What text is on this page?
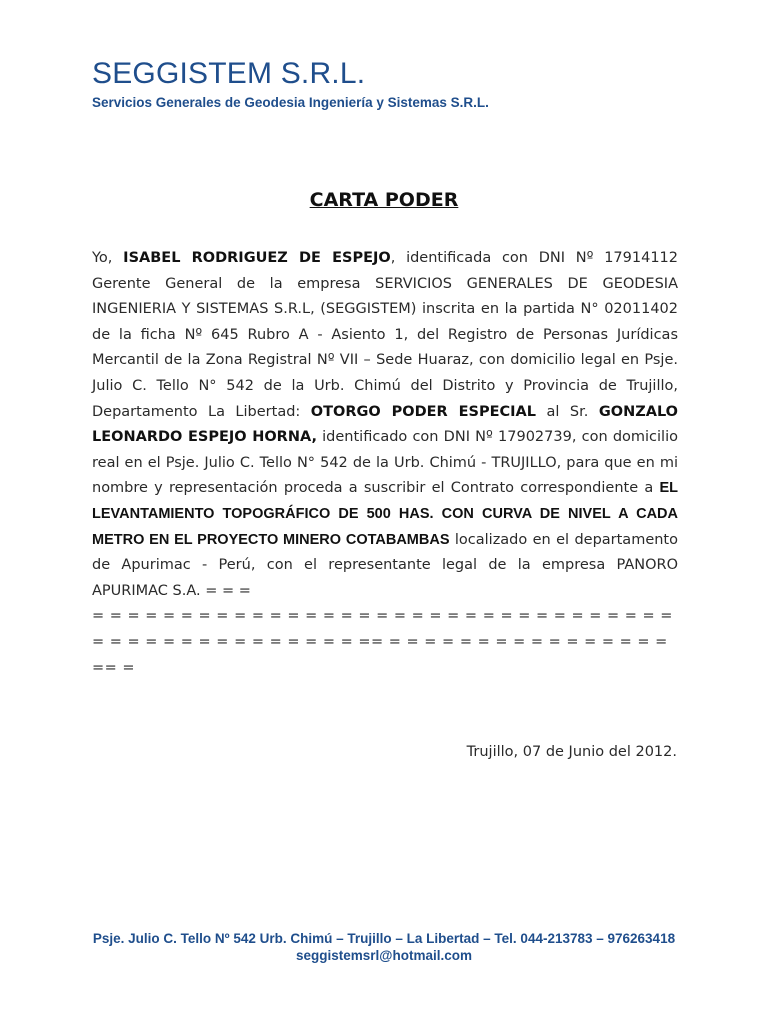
SEGGISTEM S.R.L.
Servicios Generales de Geodesia Ingeniería y Sistemas S.R.L.
CARTA PODER
Yo, ISABEL RODRIGUEZ DE ESPEJO, identificada con DNI Nº 17914112 Gerente General de la empresa SERVICIOS GENERALES DE GEODESIA INGENIERIA Y SISTEMAS S.R.L, (SEGGISTEM) inscrita en la partida N° 02011402 de la ficha Nº 645 Rubro A - Asiento 1, del Registro de Personas Jurídicas Mercantil de la Zona Registral Nº VII – Sede Huaraz, con domicilio legal en Psje. Julio C. Tello N° 542 de la Urb. Chimú del Distrito y Provincia de Trujillo, Departamento La Libertad: OTORGO PODER ESPECIAL al Sr. GONZALO LEONARDO ESPEJO HORNA, identificado con DNI Nº 17902739, con domicilio real en el Psje. Julio C. Tello N° 542 de la Urb. Chimú - TRUJILLO, para que en mi nombre y representación proceda a suscribir el Contrato correspondiente a EL LEVANTAMIENTO TOPOGRÁFICO DE 500 HAS. CON CURVA DE NIVEL A CADA METRO EN EL PROYECTO MINERO COTABAMBAS localizado en el departamento de Apurimac - Perú, con el representante legal de la empresa PANORO APURIMAC S.A. = = =
= = = = = = = = = = = = = = = = = = = = = = = = = = = = = = = = =
= = = = = = = = = = = = = = = == = = = = = = = = = = = = = = = =
== =
Trujillo, 07 de Junio del 2012.
Psje. Julio C. Tello Nº 542 Urb. Chimú – Trujillo – La Libertad – Tel. 044-213783 – 976263418
seggistemsrl@hotmail.com
